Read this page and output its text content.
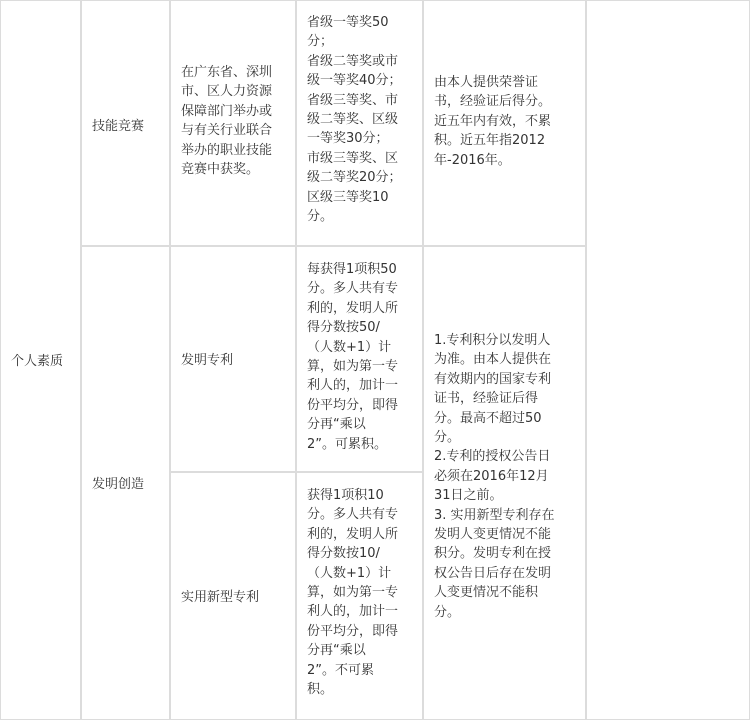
个人素质
技能竞赛
发明创造
在广东省、深圳
市、区人力资源
保障部门举办或
与有关行业联合
举办的职业技能
竞赛中获奖。
省级一等奖50
分；
省级二等奖或市
级一等奖40分；
省级三等奖、市
级二等奖、区级
一等奖30分；
市级三等奖、区
级二等奖20分；
区级三等奖10
分。
由本人提供荣誉证
书，经验证后得分。
近五年内有效，不累
积。近五年指2012
年-2016年。
发明专利
每获得1项积50
分。多人共有专
利的，发明人所
得分数按50/
（人数+1）计
算，如为第一专
利人的，加计一
份平均分，即得
分再“乘以
2”。可累积。
实用新型专利
获得1项积10
分。多人共有专
利的，发明人所
得分数按10/
（人数+1）计
算，如为第一专
利人的，加计一
份平均分，即得
分再“乘以
2”。不可累
积。
1.专利积分以发明人
为准。由本人提供在
有效期内的国家专利
证书，经验证后得
分。最高不超过50
分。
2.专利的授权公告日
必须在2016年12月
31日之前。
3. 实用新型专利存在
发明人变更情况不能
积分。发明专利在授
权公告日后存在发明
人变更情况不能积
分。
